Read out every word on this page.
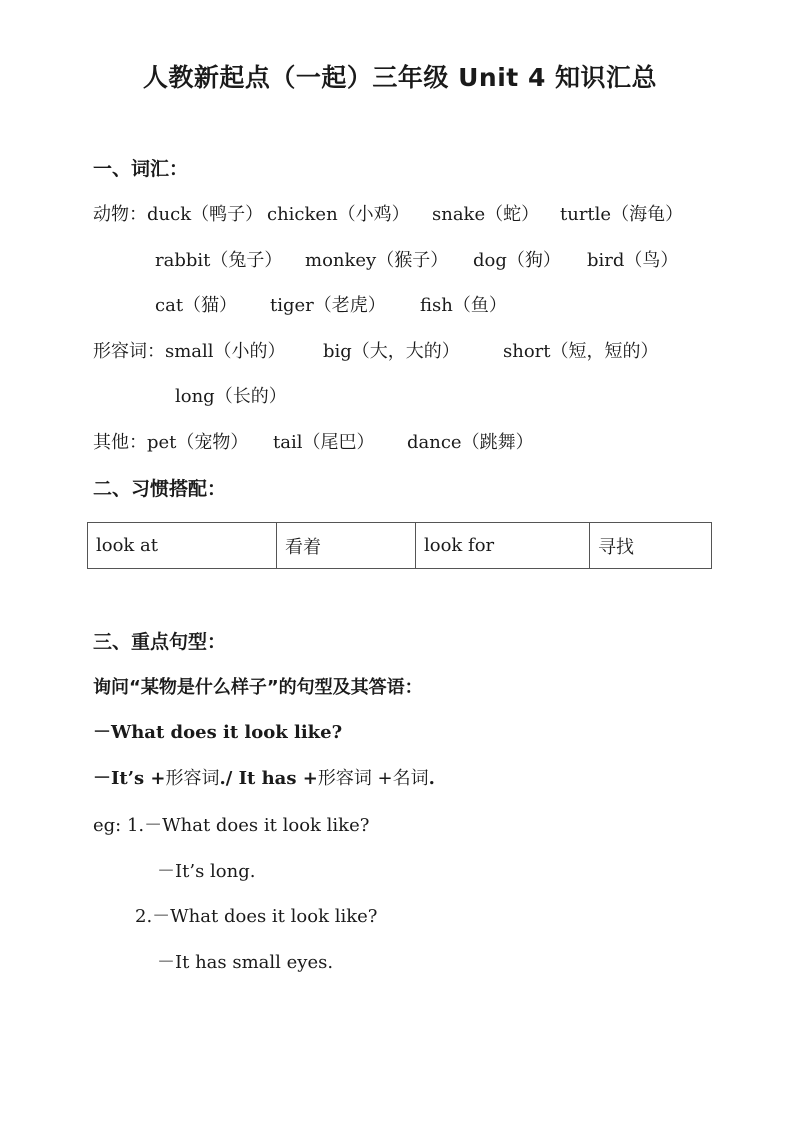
人教新起点（一起）三年级 Unit 4 知识汇总
一、词汇：
动物： duck（鸭子） chicken（小鸡）	snake（蛇）	turtle（海龟）
rabbit（兔子）	monkey（猴子）	dog（狗）	bird（鸟）
cat（猫）	tiger（老虎）	fish（鱼）
形容词： small（小的）	big（大，大的）	short（短，短的）
long（长的）
其他： pet（宠物）	tail（尾巴）	dance（跳舞）
二、习惯搭配：
look at	看着	look for	寻找
三、重点句型：
询问“某物是什么样子”的句型及其答语：
－What does it look like?
－It’s +形容词./ It has +形容词 +名词.
eg: 1.－What does it look like?
－It’s long.
2.－What does it look like?
－It has small eyes.
